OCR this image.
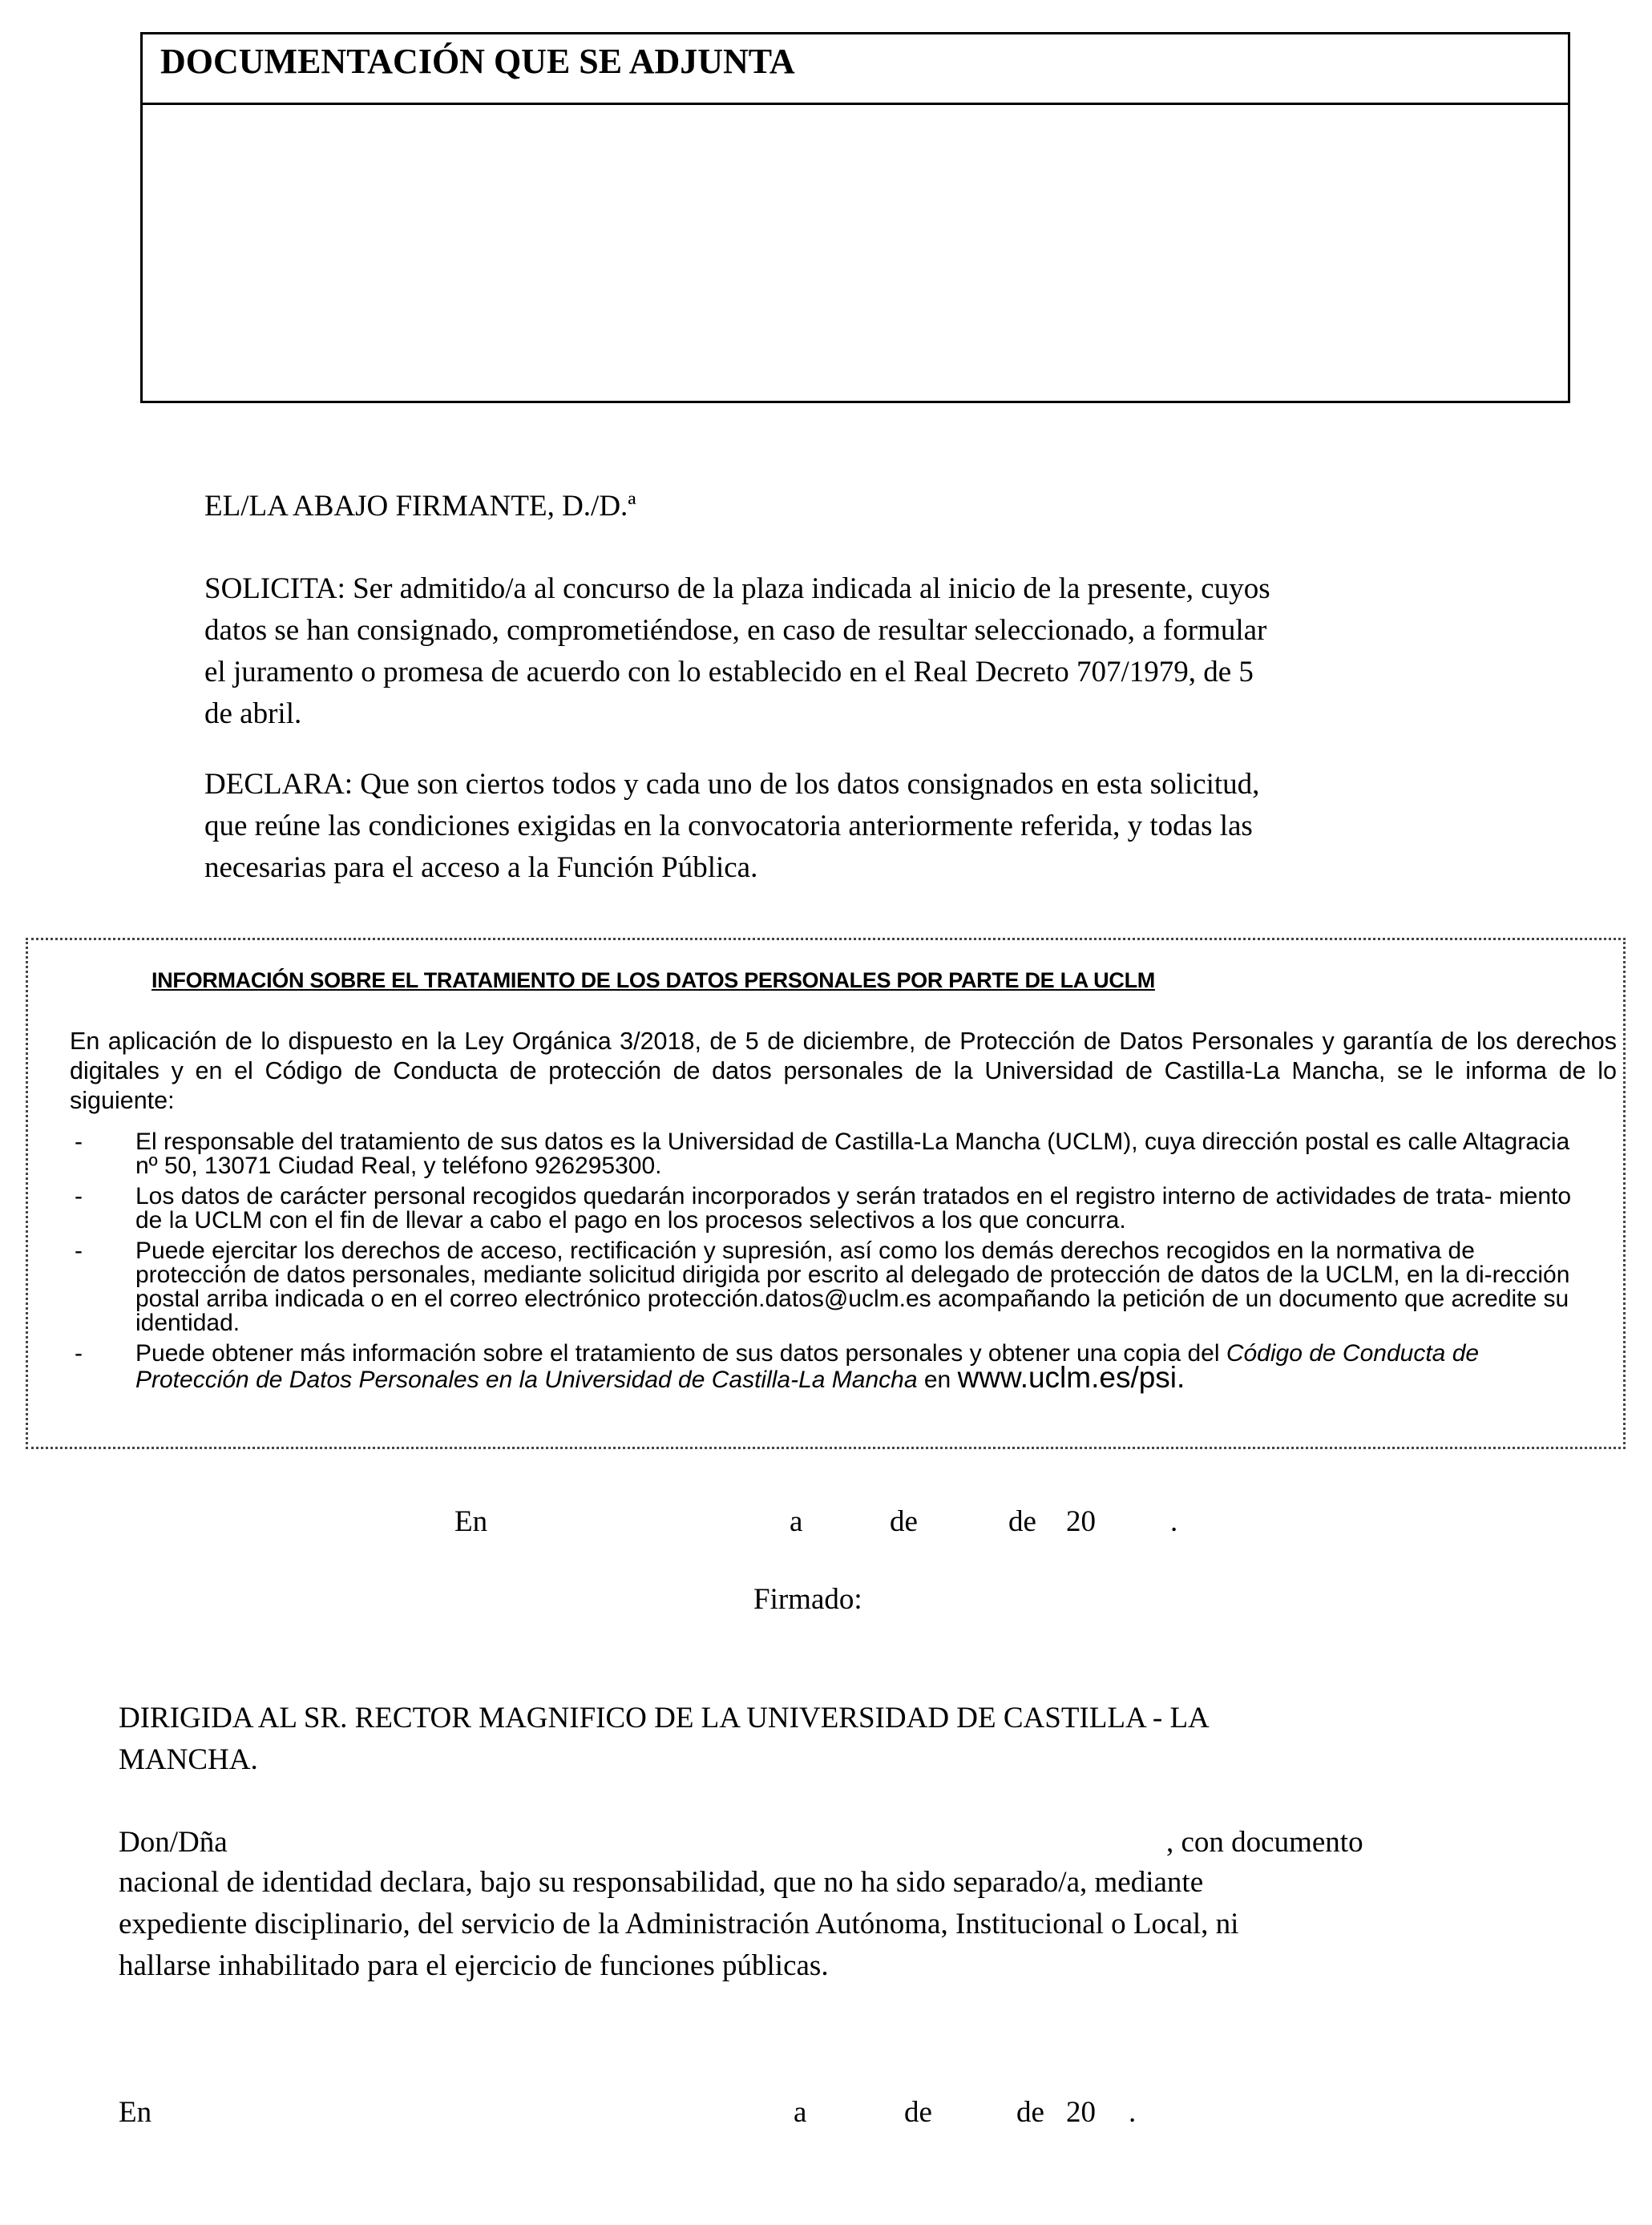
DOCUMENTACIÓN QUE SE ADJUNTA
EL/LA ABAJO FIRMANTE, D./D.ª
SOLICITA: Ser admitido/a al concurso de la plaza indicada al inicio de la presente, cuyos
datos se han consignado, comprometiéndose, en caso de resultar seleccionado, a formular
el juramento o promesa de acuerdo con lo establecido en el Real Decreto 707/1979, de 5
de abril.
DECLARA: Que son ciertos todos y cada uno de los datos consignados en esta solicitud,
que reúne las condiciones exigidas en la convocatoria anteriormente referida, y todas las
necesarias para el acceso a la Función Pública.
INFORMACIÓN SOBRE EL TRATAMIENTO DE LOS DATOS PERSONALES POR PARTE DE LA UCLM
En aplicación de lo dispuesto en la Ley Orgánica 3/2018, de 5 de diciembre, de Protección de Datos Personales y garantía de los derechos digitales y en el Código de Conducta de protección de datos personales de la Universidad de Castilla-La Mancha, se le informa de lo siguiente:
-	El responsable del tratamiento de sus datos es la Universidad de Castilla-La Mancha (UCLM), cuya dirección postal es calle Altagracia nº 50, 13071 Ciudad Real, y teléfono 926295300.
-	Los datos de carácter personal recogidos quedarán incorporados y serán tratados en el registro interno de actividades de trata- miento de la UCLM con el fin de llevar a cabo el pago en los procesos selectivos a los que concurra.
-	Puede ejercitar los derechos de acceso, rectificación y supresión, así como los demás derechos recogidos en la normativa de protección de datos personales, mediante solicitud dirigida por escrito al delegado de protección de datos de la UCLM, en la di-rección postal arriba indicada o en el correo electrónico protección.datos@uclm.es acompañando la petición de un documento que acredite su identidad.
-	Puede obtener más información sobre el tratamiento de sus datos personales y obtener una copia del Código de Conducta de Protección de Datos Personales en la Universidad de Castilla-La Mancha en www.uclm.es/psi.
En	a	de	de 20	.
Firmado:
DIRIGIDA AL SR. RECTOR MAGNIFICO DE LA UNIVERSIDAD DE CASTILLA - LA
MANCHA.
Don/Dña	, con documento
nacional de identidad declara, bajo su responsabilidad, que no ha sido separado/a, mediante
expediente disciplinario, del servicio de la Administración Autónoma, Institucional o Local, ni
hallarse inhabilitado para el ejercicio de funciones públicas.
En	a	de	de 20 .
